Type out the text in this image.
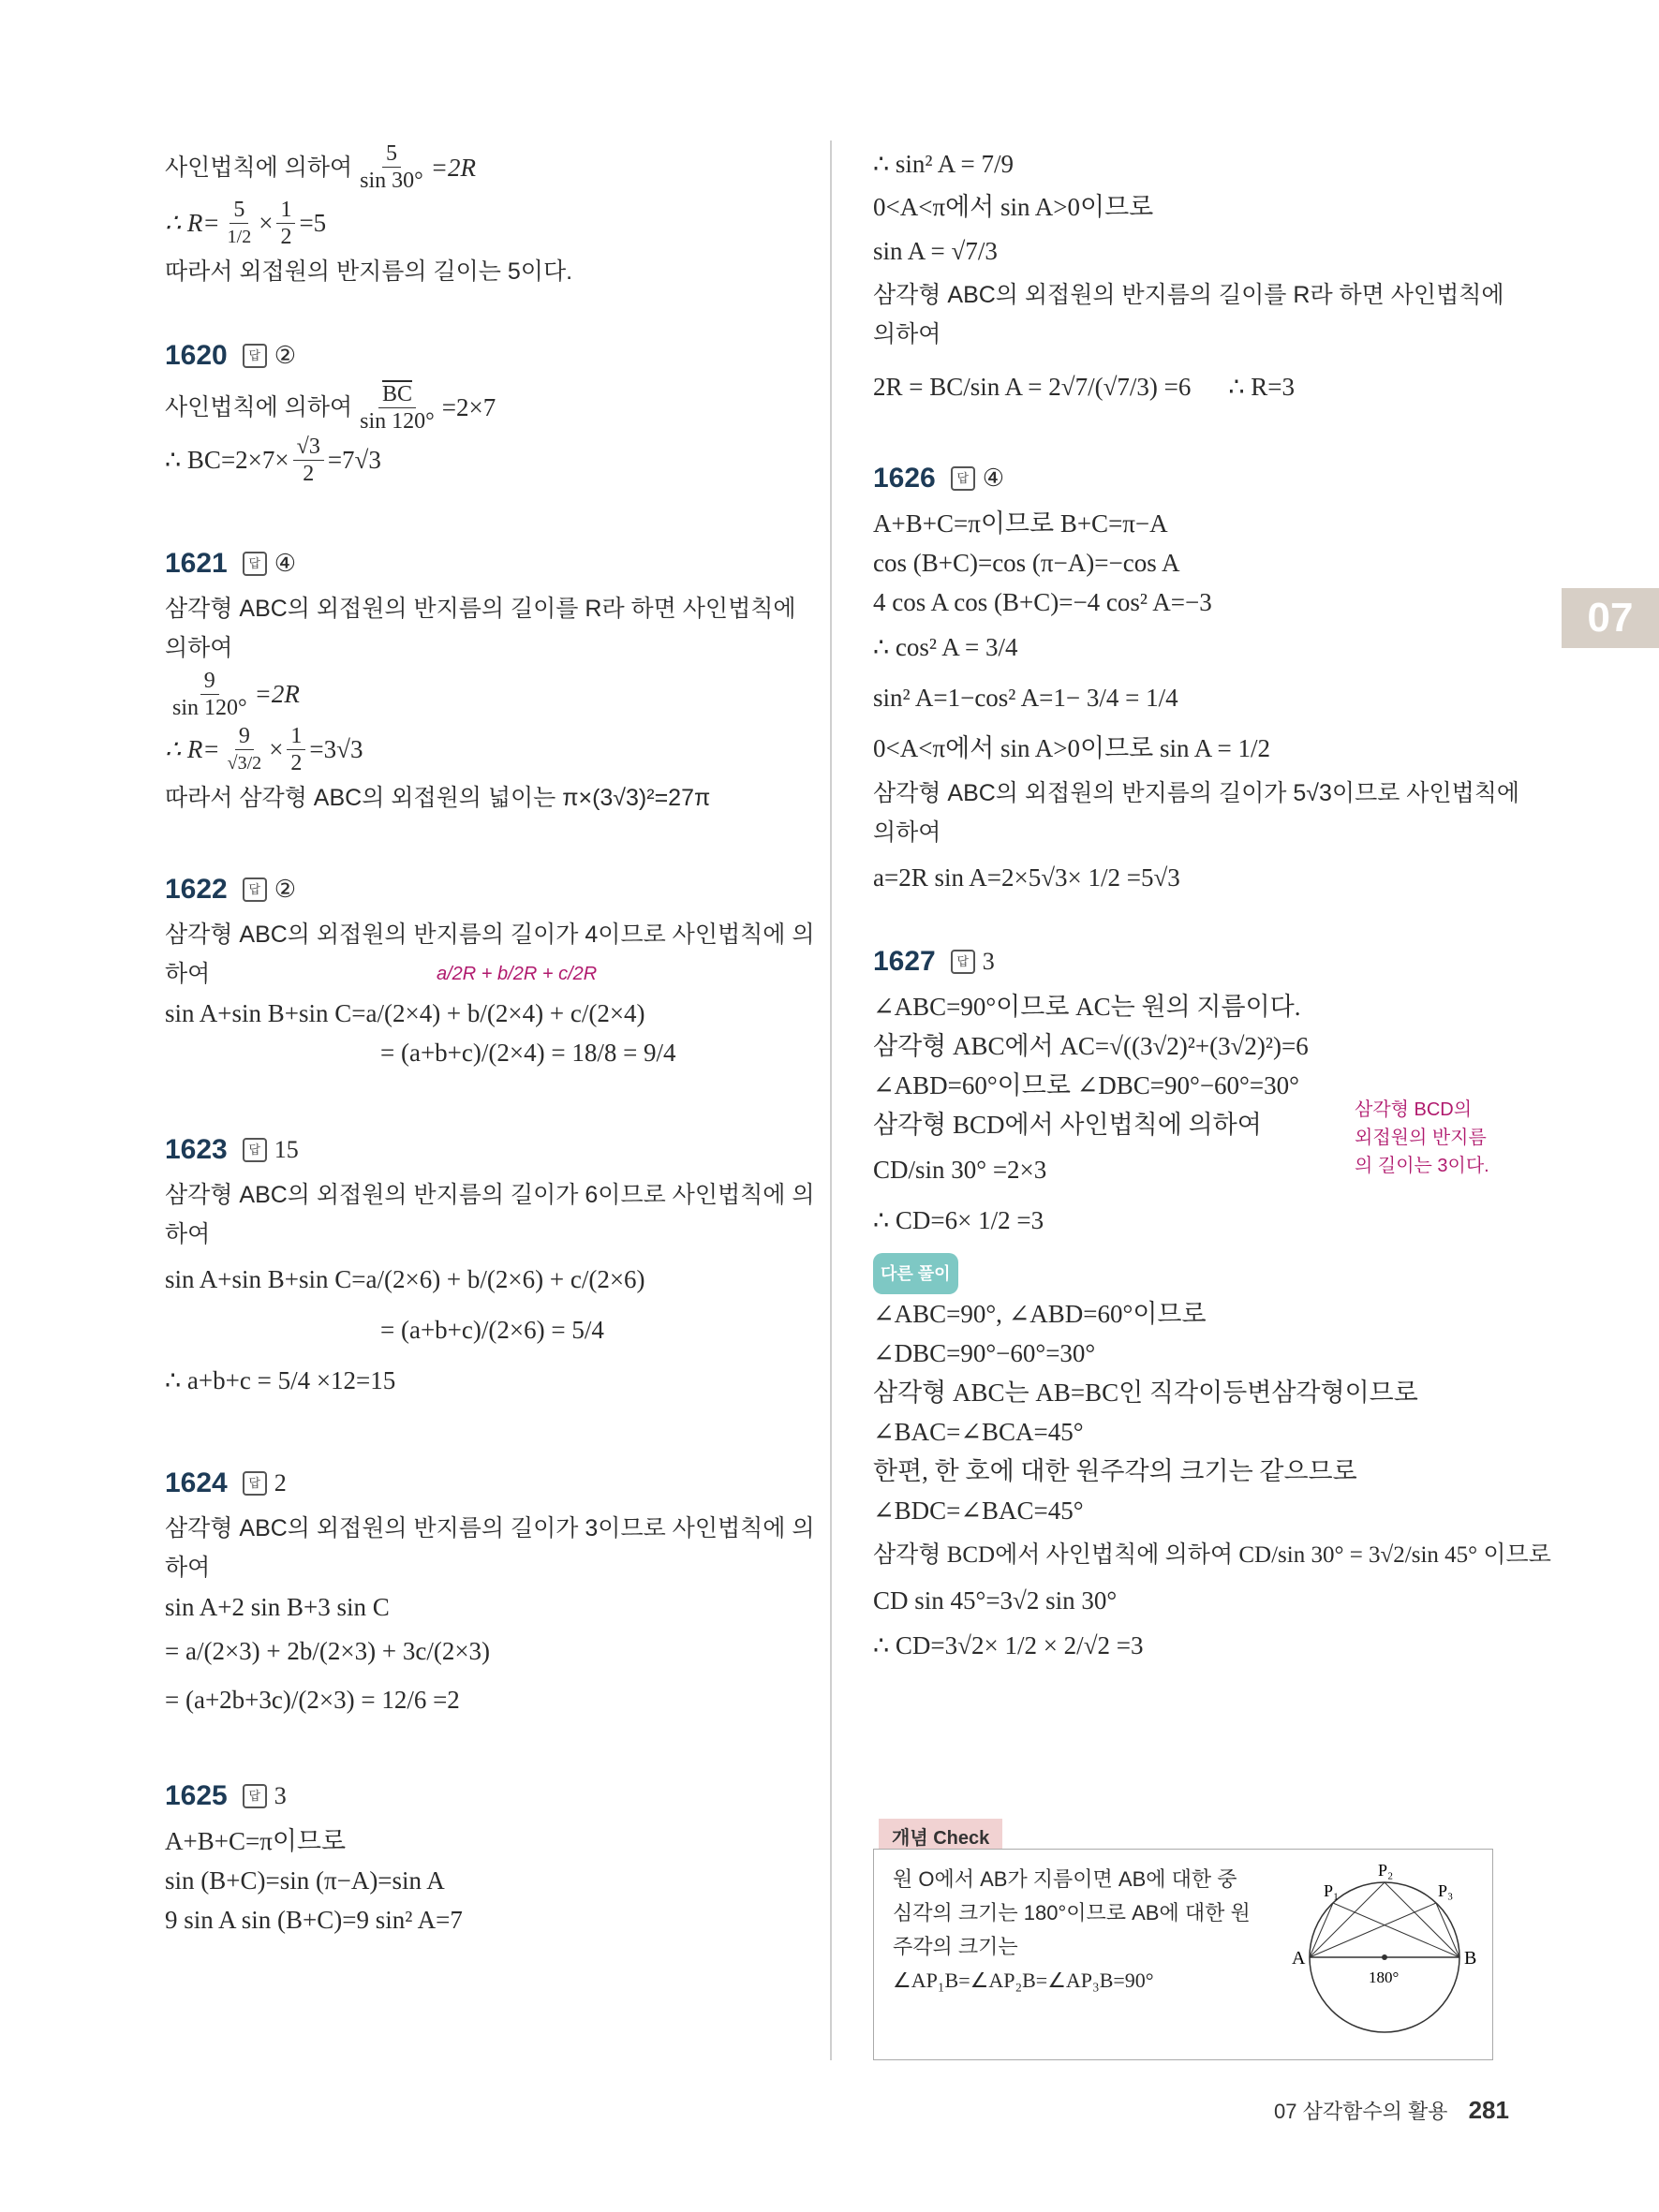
07
사인법칙에 의하여 $\frac{5}{\sin 30^\circ} =2R$
∴ $R= \frac{5}{1/2} \times \frac{1}{2} =5$
따라서 외접원의 반지름의 길이는 5이다.
1620	답 ②
사인법칙에 의하여 $\frac{\overline{BC}}{\sin 120^\circ} =2\times 7$
∴ $BC=2\times 7\times \frac{√3}{2} =7√3$
1621	답 ④
삼각형 ABC의 외접원의 반지름의 길이를 R라 하면 사인법칙에
의하여
$\frac{9}{\sin 120^\circ} =2R$
∴ $R= \frac{9}{√3/2} \times \frac{1}{2} =3√3$
따라서 삼각형 ABC의 외접원의 넓이는 π×(3√3)²=27π
1622	답 ②
삼각형 ABC의 외접원의 반지름의 길이가 4이므로 사인법칙에 의
하여	a/2R + b/2R + c/2R
sin A+sin B+sin C= a/(2×4) + b/(2×4) + c/(2×4)
= (a+b+c)/(2×4) = 18/8 = 9/4
1623	답 15
삼각형 ABC의 외접원의 반지름의 길이가 6이므로 사인법칙에 의
하여
sin A+sin B+sin C= a/(2×6) + b/(2×6) + c/(2×6)
= (a+b+c)/(2×6) = 5/4
∴ a+b+c = 5/4 ×12=15
1624	답 2
삼각형 ABC의 외접원의 반지름의 길이가 3이므로 사인법칙에 의
하여
sin A+2 sin B+3 sin C
= a/(2×3) + 2b/(2×3) + 3c/(2×3)
= (a+2b+3c)/(2×3) = 12/6 =2
1625	답 3
A+B+C=π이므로
sin (B+C)=sin (π−A)=sin A
9 sin A sin (B+C)=9 sin² A=7
∴ sin² A = 7/9
0<A<π에서 sin A>0이므로
sin A = √7/3
삼각형 ABC의 외접원의 반지름의 길이를 R라 하면 사인법칙에
의하여
2R = BC/sin A = 2√7/(√7/3) =6 ∴ R=3
1626	답 ④
A+B+C=π이므로 B+C=π−A
cos (B+C)=cos (π−A)=−cos A
4 cos A cos (B+C)=−4 cos² A=−3
∴ cos² A = 3/4
sin² A=1−cos² A=1− 3/4 = 1/4
0<A<π에서 sin A>0이므로 sin A = 1/2
삼각형 ABC의 외접원의 반지름의 길이가 5√3이므로 사인법칙에
의하여
a=2R sin A=2×5√3× 1/2 =5√3
1627	답 3
∠ABC=90°이므로 AC는 원의 지름이다.
삼각형 ABC에서 AC=√((3√2)²+(3√2)²)=6
∠ABD=60°이므로 ∠DBC=90°−60°=30°
삼각형 BCD에서 사인법칙에 의하여
CD/sin 30° =2×3
∴ CD=6× 1/2 =3
삼각형 BCD의
외접원의 반지름
의 길이는 3이다.
다른 풀이
∠ABC=90°, ∠ABD=60°이므로
∠DBC=90°−60°=30°
삼각형 ABC는 AB=BC인 직각이등변삼각형이므로
∠BAC=∠BCA=45°
한편, 한 호에 대한 원주각의 크기는 같으므로
∠BDC=∠BAC=45°
삼각형 BCD에서 사인법칙에 의하여 CD/sin 30° = 3√2/sin 45° 이므로
CD sin 45°=3√2 sin 30°
∴ CD=3√2× 1/2 × 2/√2 =3
개념 Check
원 O에서 AB가 지름이면 AB에 대한 중
심각의 크기는 180°이므로 AB에 대한 원
주각의 크기는
∠AP₁B=∠AP₂B=∠AP₃B=90°
P₁
P₂
P₃
A	B
180°
07 삼각함수의 활용 281
